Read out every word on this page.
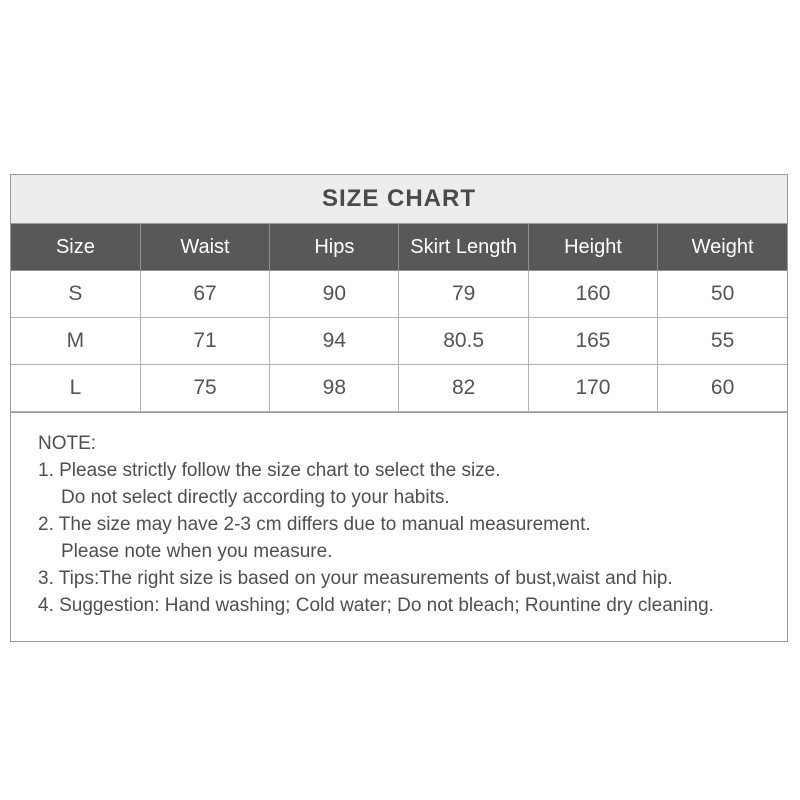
SIZE CHART
Size	Waist	Hips	Skirt Length	Height	Weight
S	67	90	79	160	50
M	71	94	80.5	165	55
L	75	98	82	170	60
NOTE:
1. Please strictly follow the size chart to select the size.
Do not select directly according to your habits.
2. The size may have 2-3 cm differs due to manual measurement.
Please note when you measure.
3. Tips:The right size is based on your measurements of bust,waist and hip.
4. Suggestion: Hand washing; Cold water; Do not bleach; Rountine dry cleaning.
